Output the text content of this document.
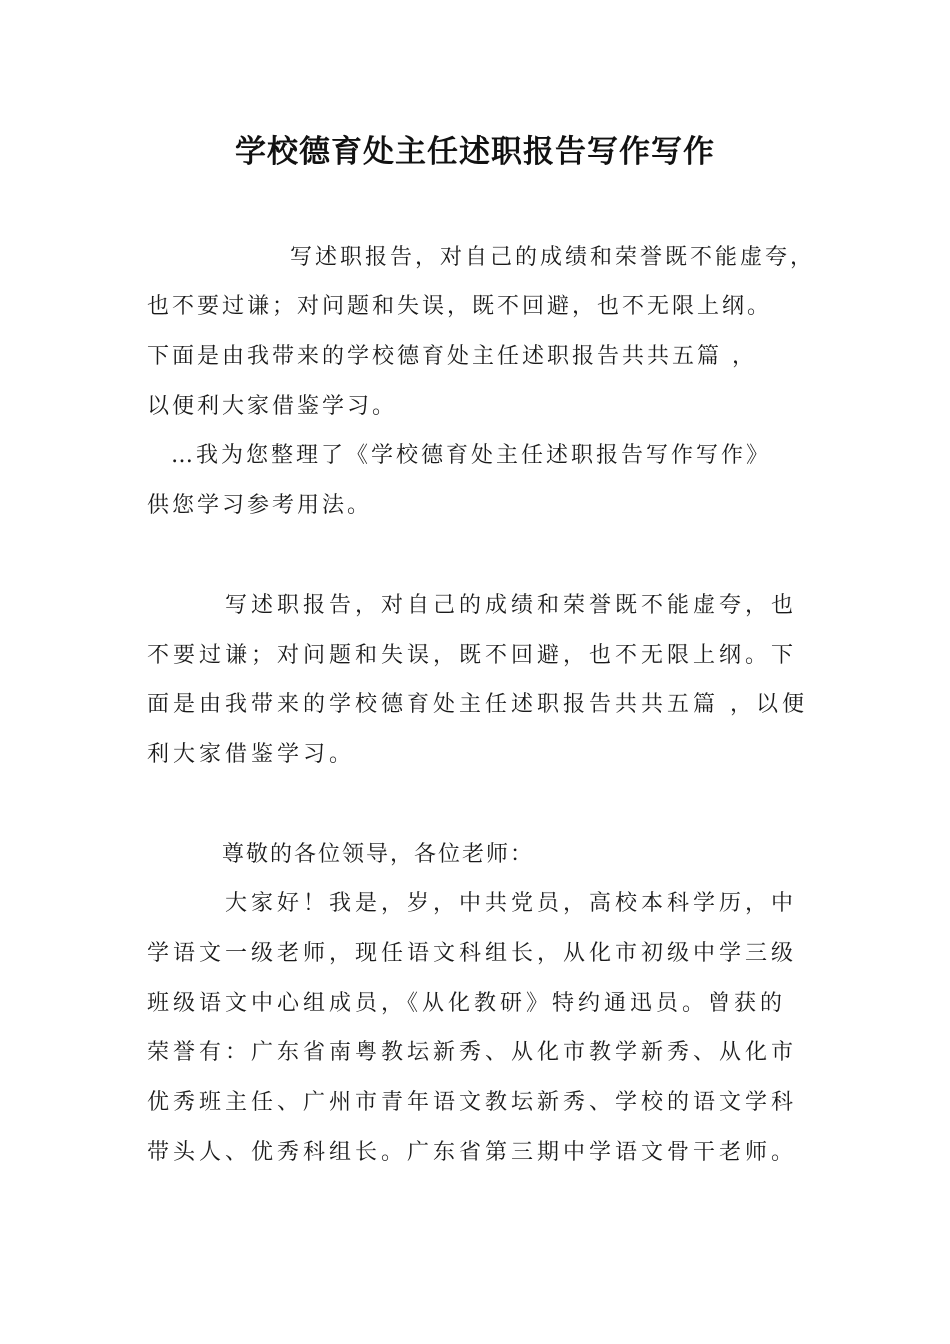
学校德育处主任述职报告写作写作
写述职报告，对自己的成绩和荣誉既不能虚夸，
也不要过谦；对问题和失误，既不回避，也不无限上纲。
下面是由我带来的学校德育处主任述职报告共共五篇 ，
以便利大家借鉴学习。
…我为您整理了《学校德育处主任述职报告写作写作》
供您学习参考用法。
写述职报告，对自己的成绩和荣誉既不能虚夸，也
不要过谦；对问题和失误，既不回避，也不无限上纲。下
面是由我带来的学校德育处主任述职报告共共五篇 ，以便
利大家借鉴学习。
尊敬的各位领导，各位老师：
大家好！我是，岁，中共党员，高校本科学历，中
学语文一级老师，现任语文科组长，从化市初级中学三级
班级语文中心组成员，《从化教研》特约通迅员。曾获的
荣誉有：广东省南粤教坛新秀、从化市教学新秀、从化市
优秀班主任、广州市青年语文教坛新秀、学校的语文学科
带头人、优秀科组长。广东省第三期中学语文骨干老师。
